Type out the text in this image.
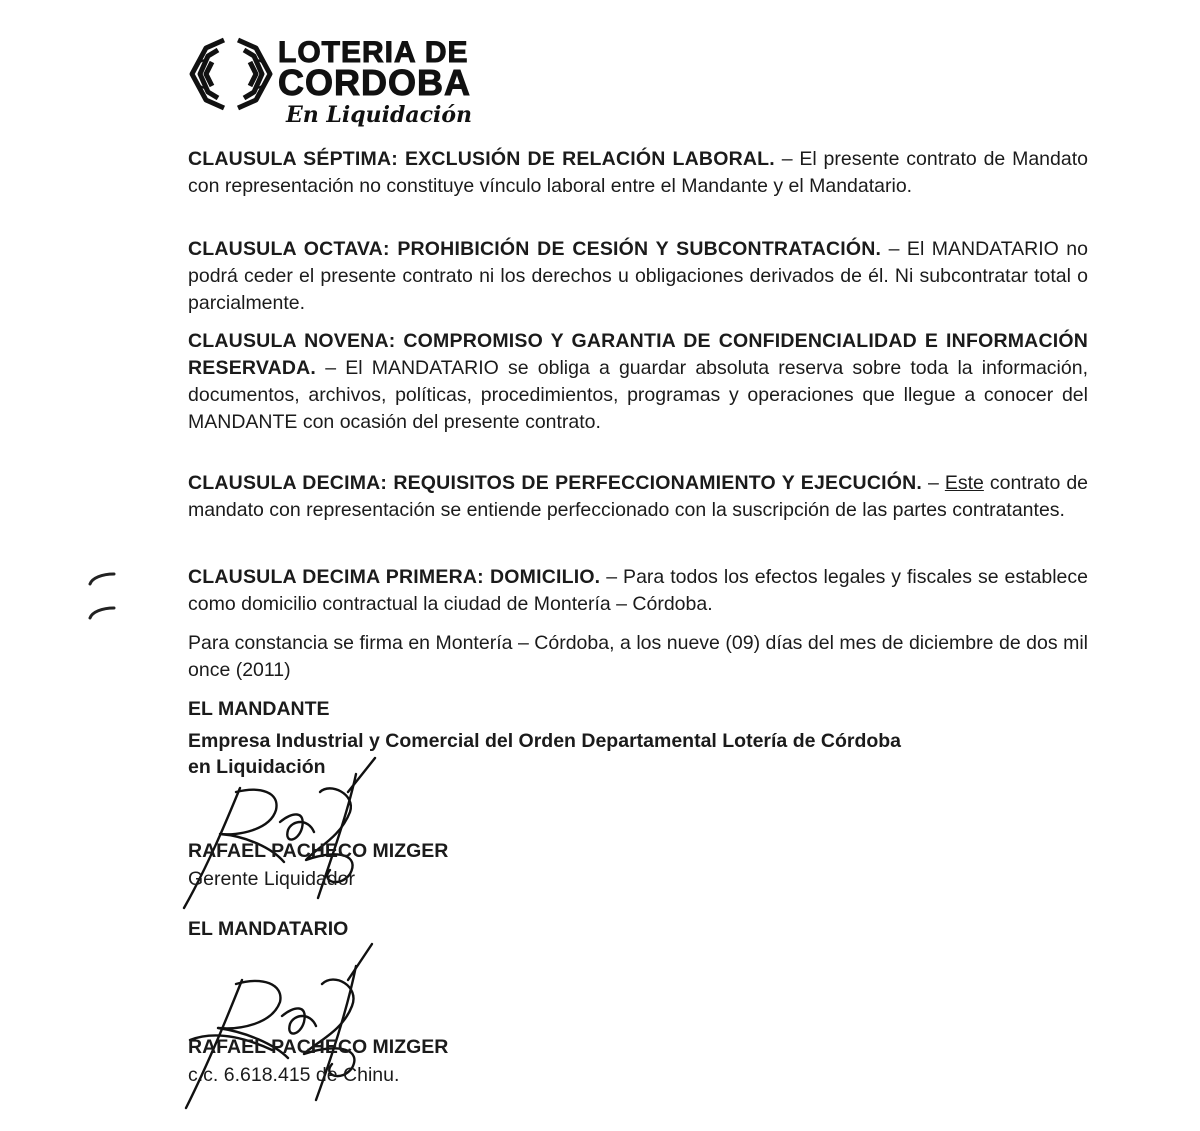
LOTERIA DE
CORDOBA
En Liquidación
CLAUSULA SÉPTIMA: EXCLUSIÓN DE RELACIÓN LABORAL. – El presente contrato de Mandato con representación no constituye vínculo laboral entre el Mandante y el Mandatario.
CLAUSULA OCTAVA: PROHIBICIÓN DE CESIÓN Y SUBCONTRATACIÓN. – El MANDATARIO no podrá ceder el presente contrato ni los derechos u obligaciones derivados de él. Ni subcontratar total o parcialmente.
CLAUSULA NOVENA: COMPROMISO Y GARANTIA DE CONFIDENCIALIDAD E INFORMACIÓN RESERVADA. – El MANDATARIO se obliga a guardar absoluta reserva sobre toda la información, documentos, archivos, políticas, procedimientos, programas y operaciones que llegue a conocer del MANDANTE con ocasión del presente contrato.
CLAUSULA DECIMA: REQUISITOS DE PERFECCIONAMIENTO Y EJECUCIÓN. – Este contrato de mandato con representación se entiende perfeccionado con la suscripción de las partes contratantes.
CLAUSULA DECIMA PRIMERA: DOMICILIO. – Para todos los efectos legales y fiscales se establece como domicilio contractual la ciudad de Montería – Córdoba.
Para constancia se firma en Montería – Córdoba, a los nueve (09) días del mes de diciembre de dos mil once (2011)
EL MANDANTE
Empresa Industrial y Comercial del Orden Departamental Lotería de Córdoba
en Liquidación
RAFAEL PACHECO MIZGER
Gerente Liquidador
EL MANDATARIO
RAFAEL PACHECO MIZGER
c.c. 6.618.415 de Chinu.
